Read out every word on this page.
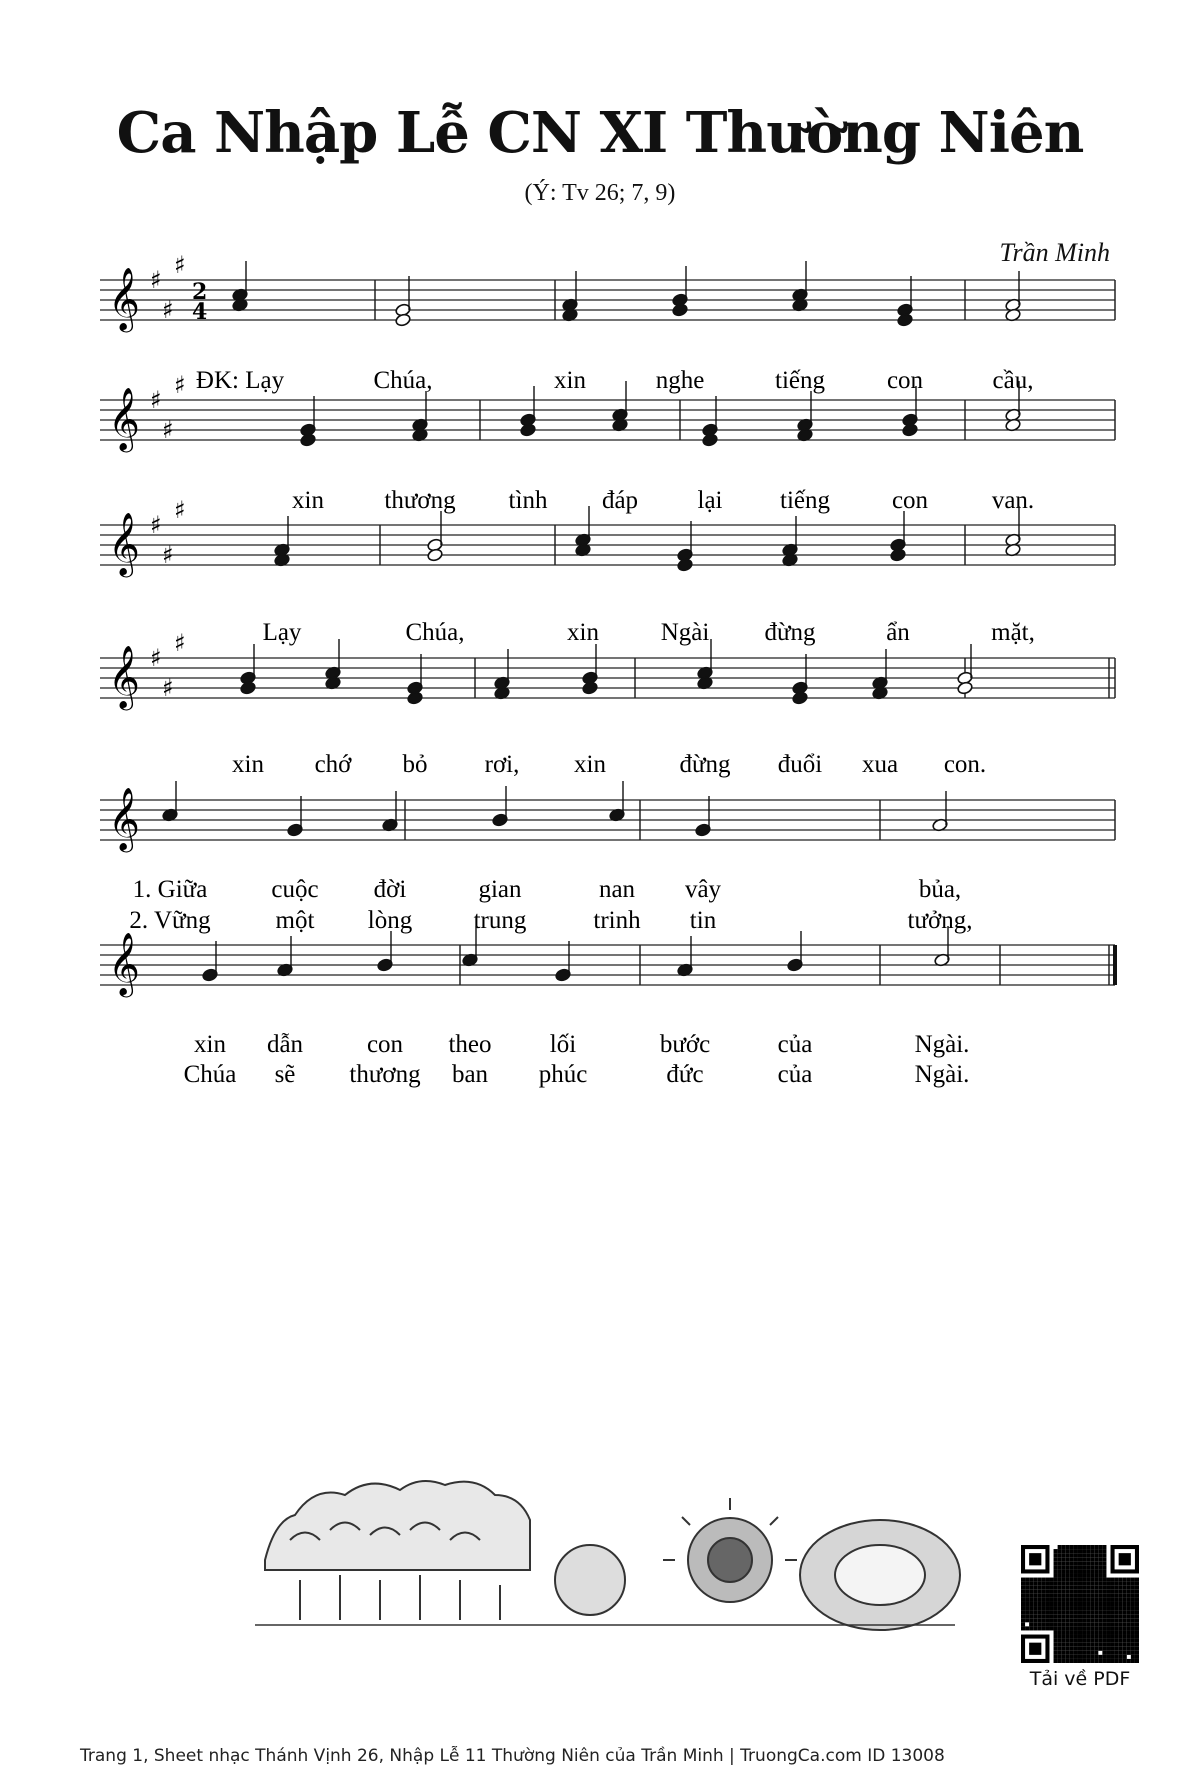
Ca Nhập Lễ CN XI Thường Niên
(Ý: Tv 26; 7, 9)
Trần Minh
𝄞 ♯
♯
♯
2
4
ĐK: Lạy	Chúa,	xin	nghe	tiếng con	cầu,
𝄞 ♯
♯
♯
xin thương tình đáp lại tiếng con	van.
𝄞 ♯
♯
♯
Lạy	Chúa,	xin Ngài đừng	ẩn	mặt,
𝄞 ♯
♯
♯
xin chớ bỏ rơi, xin	đừng đuổi xua con.
𝄞
1. Giữa	cuộc đời	gian	nan vây	bủa,
2. Vững	một lòng trung	trinh tin	tưởng,
𝄞
xin dẫn	con theo lối	bước	của	Ngài.
Chúa sẽ thương ban phúc	đức	của	Ngài.
Tải về PDF
Trang 1, Sheet nhạc Thánh Vịnh 26, Nhập Lễ 11 Thường Niên của Trần Minh | TruongCa.com ID 13008
